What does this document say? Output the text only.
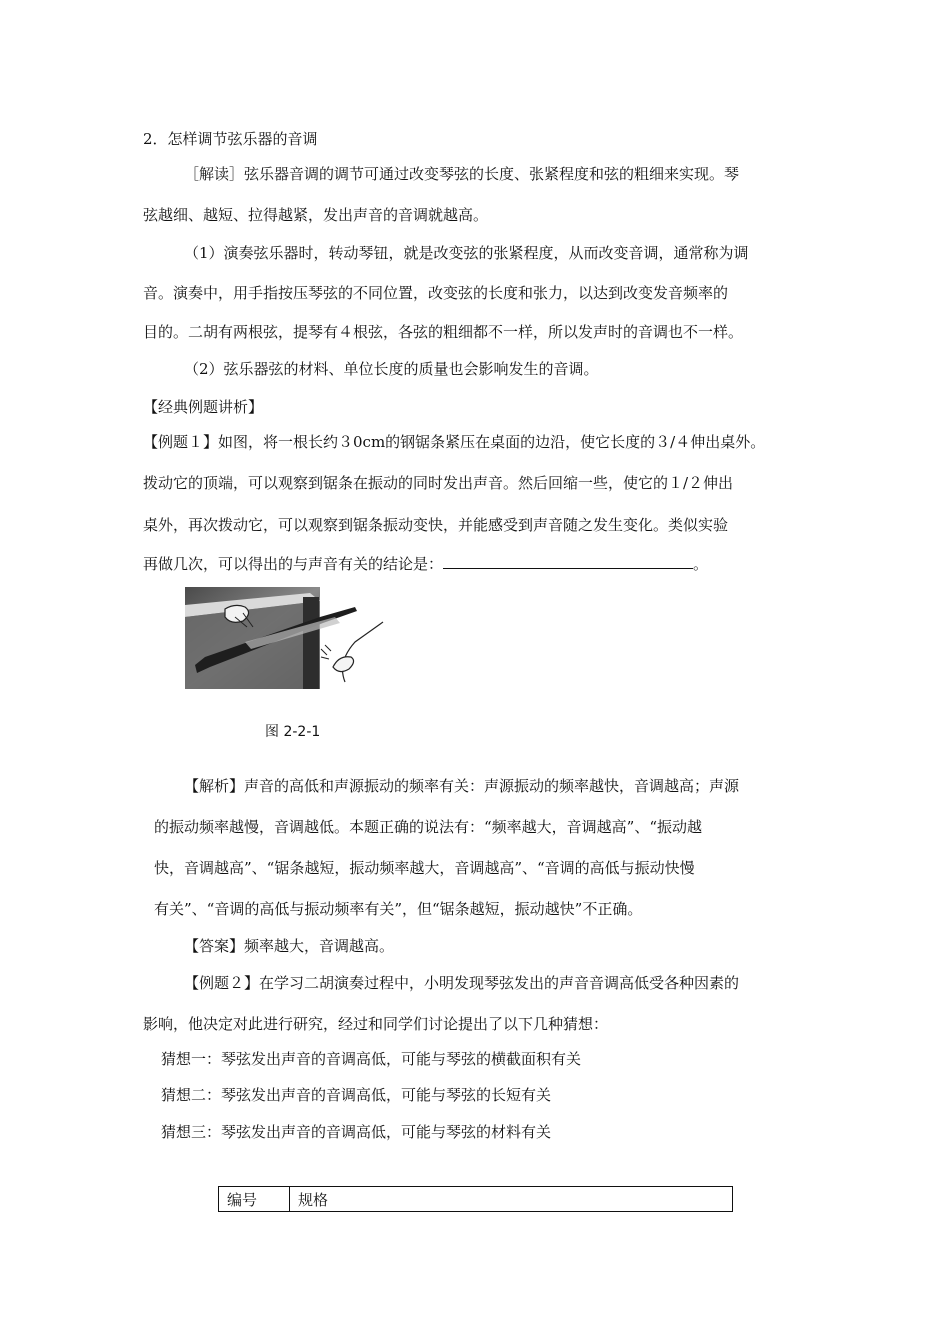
2．怎样调节弦乐器的音调
［解读］弦乐器音调的调节可通过改变琴弦的长度、张紧程度和弦的粗细来实现。琴
弦越细、越短、拉得越紧，发出声音的音调就越高。
（1）演奏弦乐器时，转动琴钮，就是改变弦的张紧程度，从而改变音调，通常称为调
音。演奏中，用手指按压琴弦的不同位置，改变弦的长度和张力，以达到改变发音频率的
目的。二胡有两根弦，提琴有４根弦，各弦的粗细都不一样，所以发声时的音调也不一样。
（2）弦乐器弦的材料、单位长度的质量也会影响发生的音调。
【经典例题讲析】
【例题１】如图，将一根长约３0cm的钢锯条紧压在桌面的边沿，使它长度的３/４伸出桌外。
拨动它的顶端，可以观察到锯条在振动的同时发出声音。然后回缩一些，使它的１/２伸出
桌外，再次拨动它，可以观察到锯条振动变快，并能感受到声音随之发生变化。类似实验
再做几次，可以得出的与声音有关的结论是：	。
图 2-2-1
【解析】声音的高低和声源振动的频率有关：声源振动的频率越快，音调越高；声源
的振动频率越慢，音调越低。本题正确的说法有：“频率越大，音调越高”、“振动越
快，音调越高”、“锯条越短，振动频率越大，音调越高”、“音调的高低与振动快慢
有关”、“音调的高低与振动频率有关”，但“锯条越短，振动越快”不正确。
【答案】频率越大，音调越高。
【例题２】在学习二胡演奏过程中，小明发现琴弦发出的声音音调高低受各种因素的
影响，他决定对此进行研究，经过和同学们讨论提出了以下几种猜想：
猜想一：琴弦发出声音的音调高低，可能与琴弦的横截面积有关
猜想二：琴弦发出声音的音调高低，可能与琴弦的长短有关
猜想三：琴弦发出声音的音调高低，可能与琴弦的材料有关
编号	规格
